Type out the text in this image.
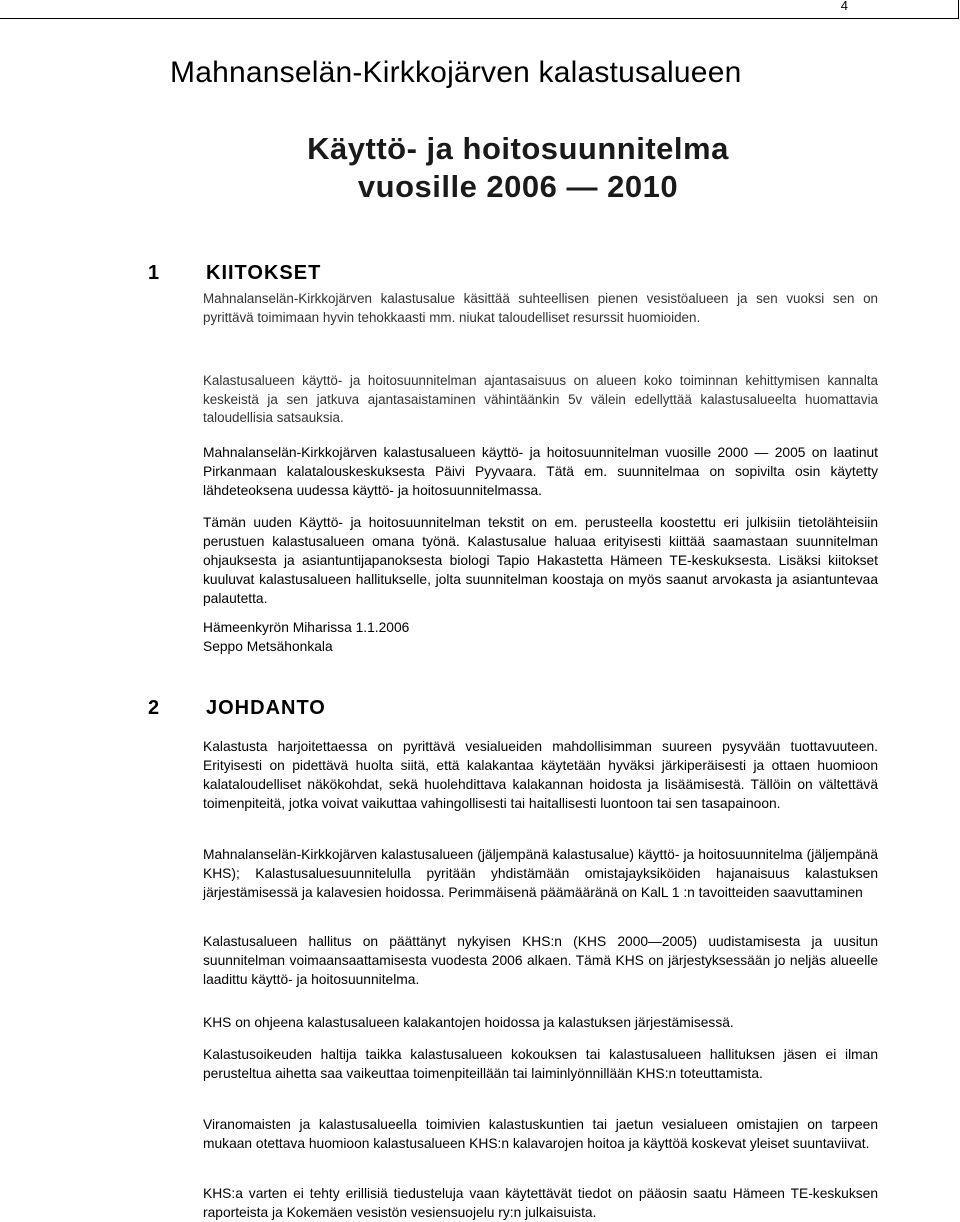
4
Mahnanselän-Kirkkojärven kalastusalueen
Käyttö- ja hoitosuunnitelma
vuosille 2006 — 2010
1 KIITOKSET

Mahnalanselän-Kirkkojärven kalastusalue käsittää suhteellisen pienen vesistöalueen ja sen vuoksi sen on pyrittävä toimimaan hyvin tehokkaasti mm. niukat taloudelliset resurssit huomioiden.

Kalastusalueen käyttö- ja hoitosuunnitelman ajantasaisuus on alueen koko toiminnan kehittymisen kannalta keskeistä ja sen jatkuva ajantasaistaminen vähintäänkin 5v välein edellyttää kalastusalueelta huomattavia taloudellisia satsauksia.

Mahnalanselän-Kirkkojärven kalastusalueen käyttö- ja hoitosuunnitelman vuosille 2000 — 2005 on laatinut Pirkanmaan kalatalouskeskuksesta Päivi Pyyvaara. Tätä em. suunnitelmaa on sopivilta osin käytetty lähdeteoksena uudessa käyttö- ja hoitosuunnitelmassa.

Tämän uuden Käyttö- ja hoitosuunnitelman tekstit on em. perusteella koostettu eri julkisiin tietolähteisiin perustuen kalastusalueen omana työnä. Kalastusalue haluaa erityisesti kiittää saamastaan suunnitelman ohjauksesta ja asiantuntijapanoksesta biologi Tapio Hakastetta Hämeen TE-keskuksesta. Lisäksi kiitokset kuuluvat kalastusalueen hallitukselle, jolta suunnitelman koostaja on myös saanut arvokasta ja asiantuntevaa palautetta.

Hämeenkyrön Miharissa 1.1.2006
Seppo Metsähonkala
2 JOHDANTO

Kalastusta harjoitettaessa on pyrittävä vesialueiden mahdollisimman suureen pysyvään tuottavuuteen. Erityisesti on pidettävä huolta siitä, että kalakantaa käytetään hyväksi järkiperäisesti ja ottaen huomioon kalataloudelliset näkökohdat, sekä huolehdittava kalakannan hoidosta ja lisäämisestä. Tällöin on vältettävä toimenpiteitä, jotka voivat vaikuttaa vahingollisesti tai haitallisesti luontoon tai sen tasapainoon.

Mahnalanselän-Kirkkojärven kalastusalueen (jäljempänä kalastusalue) käyttö- ja hoitosuunnitelma (jäljempänä KHS); Kalastusaluesuunnitelulla pyritään yhdistämään omistajayksiköiden hajanaisuus kalastuksen järjestämisessä ja kalavesien hoidossa. Perimmäisenä päämääränä on KalL 1 :n tavoitteiden saavuttaminen

Kalastusalueen hallitus on päättänyt nykyisen KHS:n (KHS 2000—2005) uudistamisesta ja uusitun suunnitelman voimaansaattamisesta vuodesta 2006 alkaen. Tämä KHS on järjestyksessään jo neljäs alueelle laadittu käyttö- ja hoitosuunnitelma.

KHS on ohjeena kalastusalueen kalakantojen hoidossa ja kalastuksen järjestämisessä.

Kalastusoikeuden haltija taikka kalastusalueen kokouksen tai kalastusalueen hallituksen jäsen ei ilman perusteltua aihetta saa vaikeuttaa toimenpiteillään tai laiminlyönnillään KHS:n toteuttamista.

Viranomaisten ja kalastusalueella toimivien kalastuskuntien tai jaetun vesialueen omistajien on tarpeen mukaan otettava huomioon kalastusalueen KHS:n kalavarojen hoitoa ja käyttöä koskevat yleiset suuntaviivat.

KHS:a varten ei tehty erillisiä tiedusteluja vaan käytettävät tiedot on pääosin saatu Hämeen TE-keskuksen raporteista ja Kokemäen vesistön vesiensuojelu ry:n julkaisuista.
